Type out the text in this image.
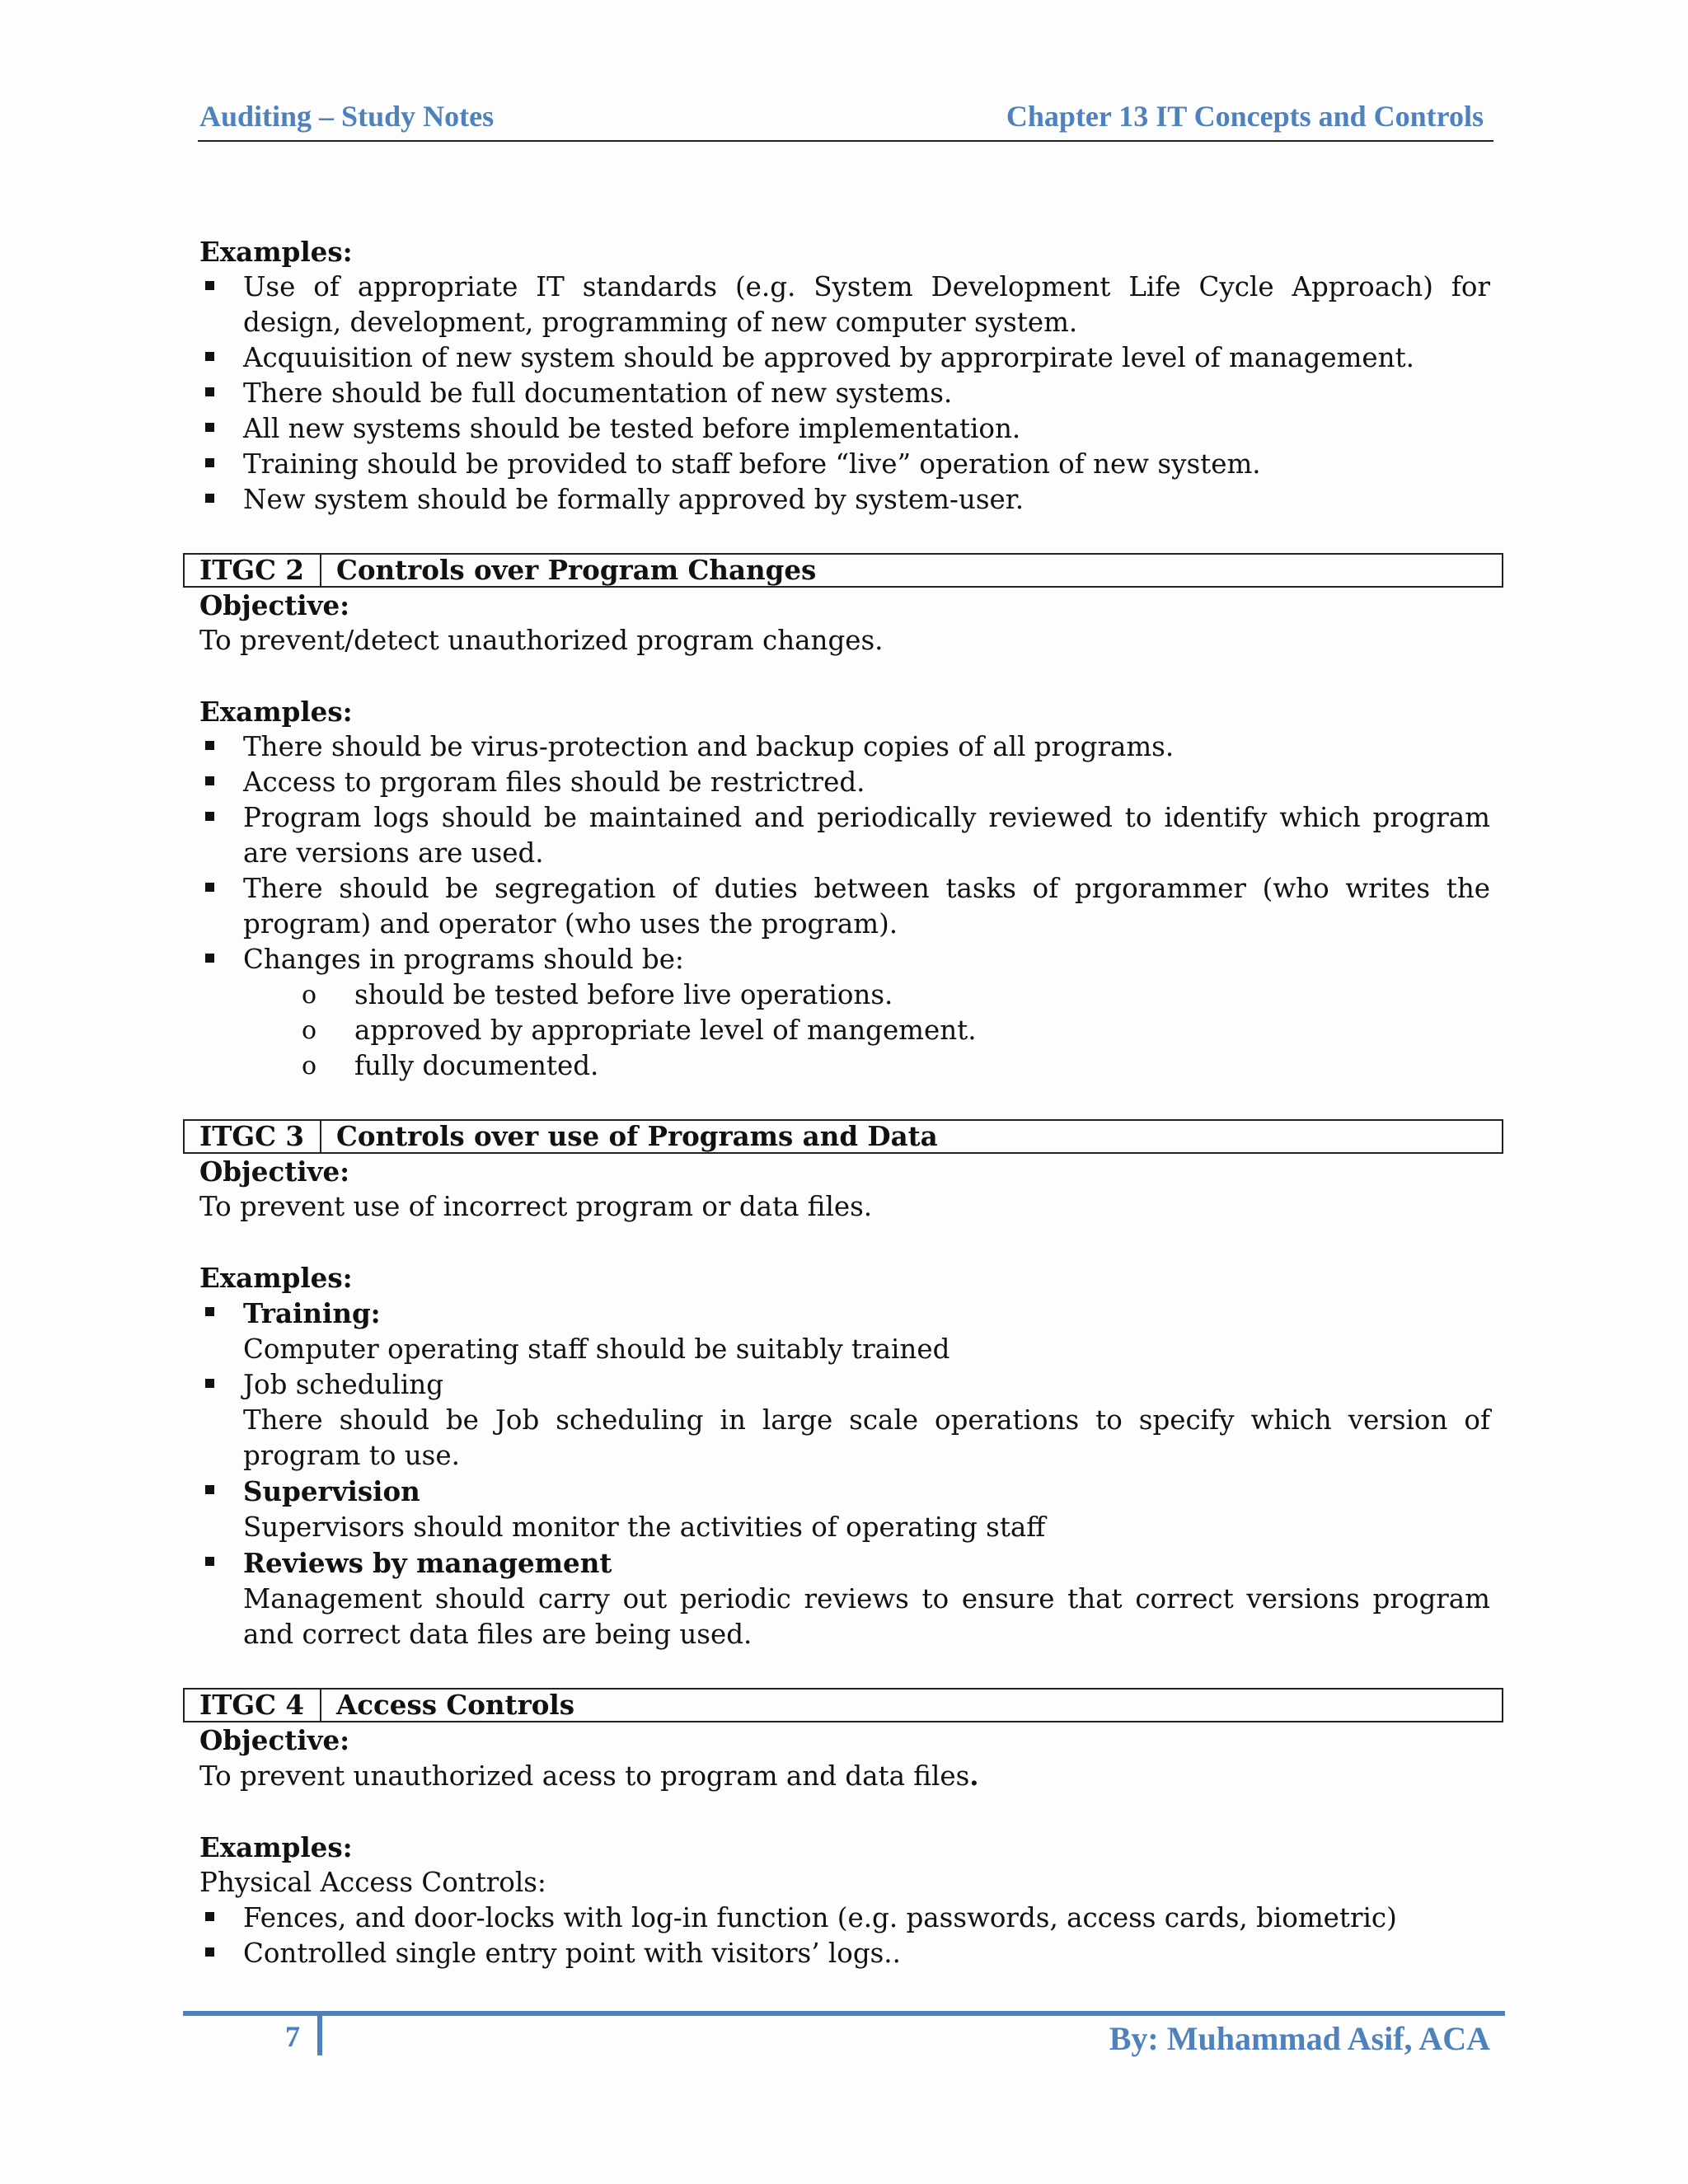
Auditing – Study Notes	Chapter 13 IT Concepts and Controls

Examples:

Use of appropriate IT standards (e.g. System Development Life Cycle Approach) for design, development, programming of new computer system.
Acquuisition of new system should be approved by approrpirate level of management.
There should be full documentation of new systems.
All new systems should be tested before implementation.
Training should be provided to staff before “live” operation of new system.
New system should be formally approved by system-user.
ITGC 2	Controls over Program Changes

Objective:

To prevent/detect unauthorized program changes.

Examples:

There should be virus-protection and backup copies of all programs.
Access to prgoram files should be restrictred.
Program logs should be maintained and periodically reviewed to identify which program are versions are used.
There should be segregation of duties between tasks of prgorammer (who writes the program) and operator (who uses the program).
Changes in programs should be:
o should be tested before live operations.
o approved by appropriate level of mangement.
o fully documented.
ITGC 3	Controls over use of Programs and Data

Objective:

To prevent use of incorrect program or data files.

Examples:

Training:
Computer operating staff should be suitably trained
Job scheduling
There should be Job scheduling in large scale operations to specify which version of program to use.
Supervision
Supervisors should monitor the activities of operating staff
Reviews by management
Management should carry out periodic reviews to ensure that correct versions program and correct data files are being used.
ITGC 4	Access Controls

Objective:

To prevent unauthorized acess to program and data files.

Examples:

Physical Access Controls:

Fences, and door-locks with log-in function (e.g. passwords, access cards, biometric)
Controlled single entry point with visitors’ logs..
7	By: Muhammad Asif, ACA
